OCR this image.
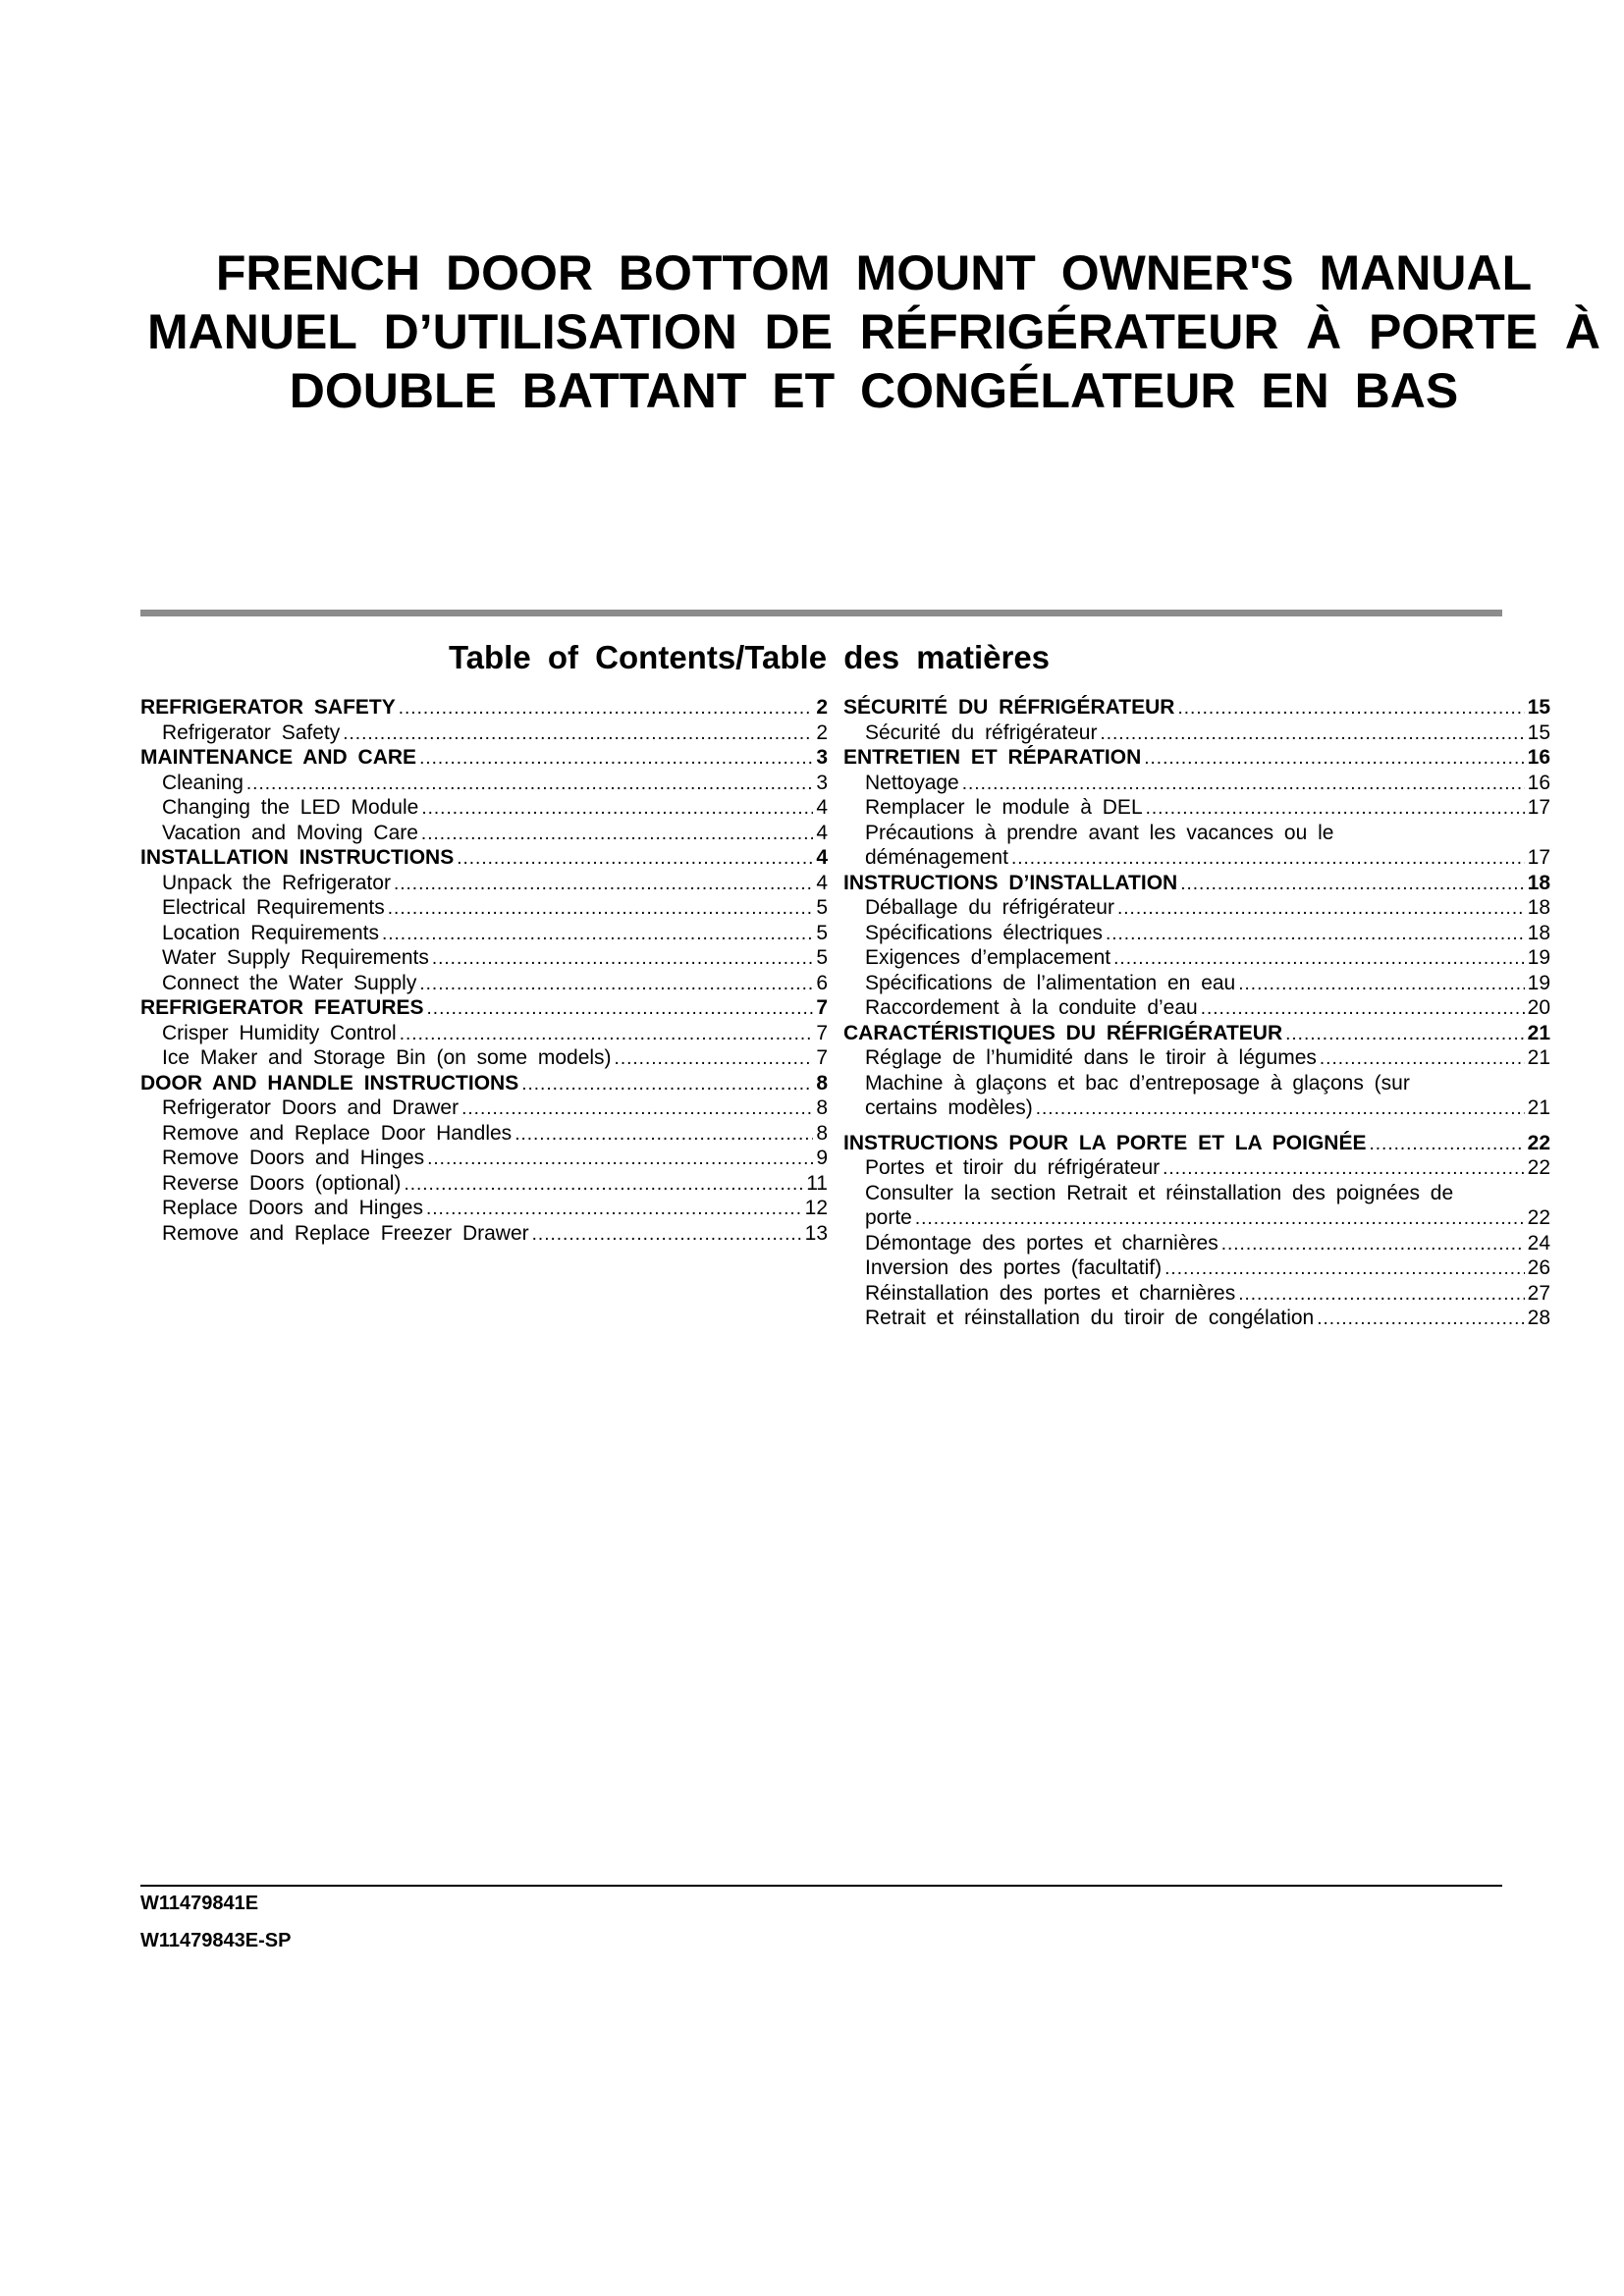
FRENCH DOOR BOTTOM MOUNT OWNER'S MANUAL

MANUEL D’UTILISATION DE RÉFRIGÉRATEUR À PORTE À DOUBLE BATTANT ET CONGÉLATEUR EN BAS

Table of Contents/Table des matières
REFRIGERATOR SAFETY .....	2
Refrigerator Safety .....	2
MAINTENANCE AND CARE .....	3
Cleaning .....	3
Changing the LED Module .....	4
Vacation and Moving Care .....	4
INSTALLATION INSTRUCTIONS .....	4
Unpack the Refrigerator .....	4
Electrical Requirements .....	5
Location Requirements .....	5
Water Supply Requirements .....	5
Connect the Water Supply .....	6
REFRIGERATOR FEATURES .....	7
Crisper Humidity Control .....	7
Ice Maker and Storage Bin (on some models) .....	7
DOOR AND HANDLE INSTRUCTIONS .....	8
Refrigerator Doors and Drawer .....	8
Remove and Replace Door Handles .....	8
Remove Doors and Hinges .....	9
Reverse Doors (optional) .....	11
Replace Doors and Hinges .....	12
Remove and Replace Freezer Drawer .....	13
SÉCURITÉ DU RÉFRIGÉRATEUR .....	15
Sécurité du réfrigérateur .....	15
ENTRETIEN ET RÉPARATION .....	16
Nettoyage .....	16
Remplacer le module à DEL .....	17
Précautions à prendre avant les vacances ou le
déménagement .....	17
INSTRUCTIONS D’INSTALLATION .....	18
Déballage du réfrigérateur .....	18
Spécifications électriques .....	18
Exigences d’emplacement .....	19
Spécifications de l’alimentation en eau .....	19
Raccordement à la conduite d’eau .....	20
CARACTÉRISTIQUES DU RÉFRIGÉRATEUR .....	21
Réglage de l’humidité dans le tiroir à légumes .....	21
Machine à glaçons et bac d’entreposage à glaçons (sur
certains modèles) .....	21
INSTRUCTIONS POUR LA PORTE ET LA POIGNÉE .....	22
Portes et tiroir du réfrigérateur .....	22
Consulter la section Retrait et réinstallation des poignées de
porte .....	22
Démontage des portes et charnières .....	24
Inversion des portes (facultatif) .....	26
Réinstallation des portes et charnières .....	27
Retrait et réinstallation du tiroir de congélation .....	28
W11479841E
W11479843E-SP
